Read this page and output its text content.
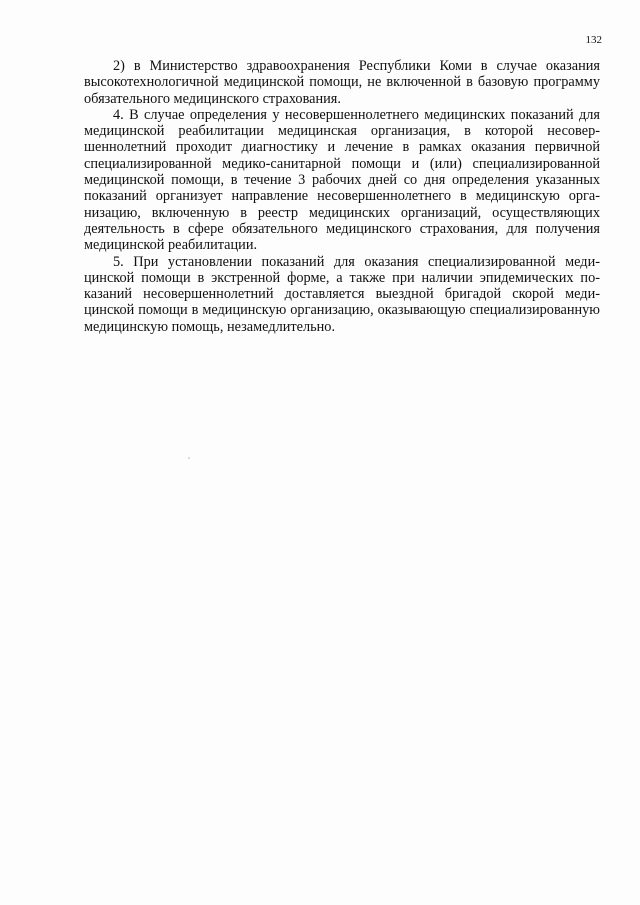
132

2) в Министерство здравоохранения Республики Коми в случае оказания высокотехнологичной медицинской помощи, не включенной в базовую программу обязательного медицинского страхования.

4. В случае определения у несовершеннолетнего медицинских показаний для медицинской реабилитации медицинская организация, в которой несовершеннолетний проходит диагностику и лечение в рамках оказания первичной специализированной медико-санитарной помощи и (или) специализированной медицинской помощи, в течение 3 рабочих дней со дня определения указанных показаний организует направление несовершеннолетнего в медицинскую организацию, включенную в реестр медицинских организаций, осуществляющих деятельность в сфере обязательного медицинского страхования, для получения медицинской реабилитации.

5. При установлении показаний для оказания специализированной медицинской помощи в экстренной форме, а также при наличии эпидемических показаний несовершеннолетний доставляется выездной бригадой скорой медицинской помощи в медицинскую организацию, оказывающую специализированную медицинскую помощь, незамедлительно.
